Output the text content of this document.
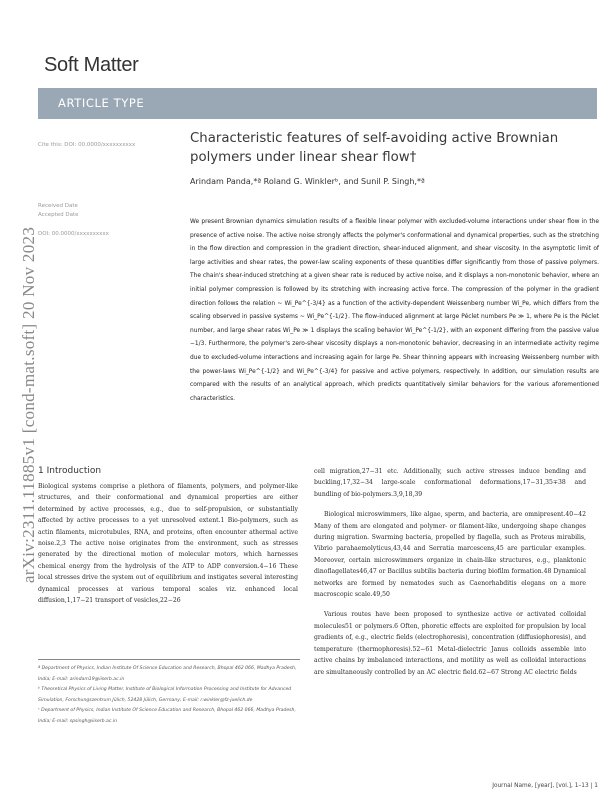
Soft Matter
ARTICLE TYPE
Cite this: DOI: 00.0000/xxxxxxxxxx
Received Date
Accepted Date
DOI: 00.0000/xxxxxxxxxx
arXiv:2311.11885v1 [cond-mat.soft] 20 Nov 2023
Characteristic features of self-avoiding active Brownian polymers under linear shear flow†
Arindam Panda,*ª Roland G. Winklerᵇ, and Sunil P. Singh,*ª
We present Brownian dynamics simulation results of a flexible linear polymer with excluded-volume interactions under shear flow in the presence of active noise. The active noise strongly affects the polymer's conformational and dynamical properties, such as the stretching in the flow direction and compression in the gradient direction, shear-induced alignment, and shear viscosity. In the asymptotic limit of large activities and shear rates, the power-law scaling exponents of these quantities differ significantly from those of passive polymers. The chain's shear-induced stretching at a given shear rate is reduced by active noise, and it displays a non-monotonic behavior, where an initial polymer compression is followed by its stretching with increasing active force. The compression of the polymer in the gradient direction follows the relation ~ Wi_Pe^{-3/4} as a function of the activity-dependent Weissenberg number Wi_Pe, which differs from the scaling observed in passive systems ~ Wi_Pe^{-1/2}. The flow-induced alignment at large Péclet numbers Pe ≫ 1, where Pe is the Péclet number, and large shear rates Wi_Pe ≫ 1 displays the scaling behavior Wi_Pe^{-1/2}, with an exponent differing from the passive value −1/3. Furthermore, the polymer's zero-shear viscosity displays a non-monotonic behavior, decreasing in an intermediate activity regime due to excluded-volume interactions and increasing again for large Pe. Shear thinning appears with increasing Weissenberg number with the power-laws Wi_Pe^{-1/2} and Wi_Pe^{-3/4} for passive and active polymers, respectively. In addition, our simulation results are compared with the results of an analytical approach, which predicts quantitatively similar behaviors for the various aforementioned characteristics.
1 Introduction
Biological systems comprise a plethora of filaments, polymers, and polymer-like structures, and their conformational and dynamical properties are either determined by active processes, e.g., due to self-propulsion, or substantially affected by active processes to a yet unresolved extent.1 Bio-polymers, such as actin filaments, microtubules, RNA, and proteins, often encounter athermal active noise.2,3 The active noise originates from the environment, such as stresses generated by the directional motion of molecular motors, which harnesses chemical energy from the hydrolysis of the ATP to ADP conversion.4−16 These local stresses drive the system out of equilibrium and instigates several interesting dynamical processes at various temporal scales viz. enhanced local diffusion,1,17−21 transport of vesicles,22−26
ª Department of Physics, Indian Institute Of Science Education and Research, Bhopal 462 066, Madhya Pradesh, India; E-mail: arindam19@iiserb.ac.in
ᵇ Theoretical Physics of Living Matter, Institute of Biological Information Processing and Institute for Advanced Simulation, Forschungszentrum Jülich, 52428 Jülich, Germany; E-mail: r.winkler@fz-juelich.de
ᶜ Department of Physics, Indian Institute Of Science Education and Research, Bhopal 462 066, Madhya Pradesh, India; E-mail: spsingh@iiserb.ac.in
cell migration,27−31 etc. Additionally, such active stresses induce bending and buckling,17,32−34 large-scale conformational deformations,17−31,35∓38 and bundling of bio-polymers.3,9,18,39
Biological microswimmers, like algae, sperm, and bacteria, are omnipresent.40−42 Many of them are elongated and polymer- or filament-like, undergoing shape changes during migration. Swarming bacteria, propelled by flagella, such as Proteus mirabilis, Vibrio parahaemolyticus,43,44 and Serratia marcescens,45 are particular examples. Moreover, certain microswimmers organize in chain-like structures, e.g., planktonic dinoflagellates46,47 or Bacillus subtilis bacteria during biofilm formation.48 Dynamical networks are formed by nematodes such as Caenorhabditis elegans on a more macroscopic scale.49,50
Various routes have been proposed to synthesize active or activated colloidal molecules51 or polymers.6 Often, phoretic effects are exploited for propulsion by local gradients of, e.g., electric fields (electrophoresis), concentration (diffusiophoresis), and temperature (thermophoresis).52−61 Metal-dielectric Janus colloids assemble into active chains by imbalanced interactions, and motility as well as colloidal interactions are simultaneously controlled by an AC electric field.62−67 Strong AC electric fields
Journal Name, [year], [vol.], 1–13 | 1
